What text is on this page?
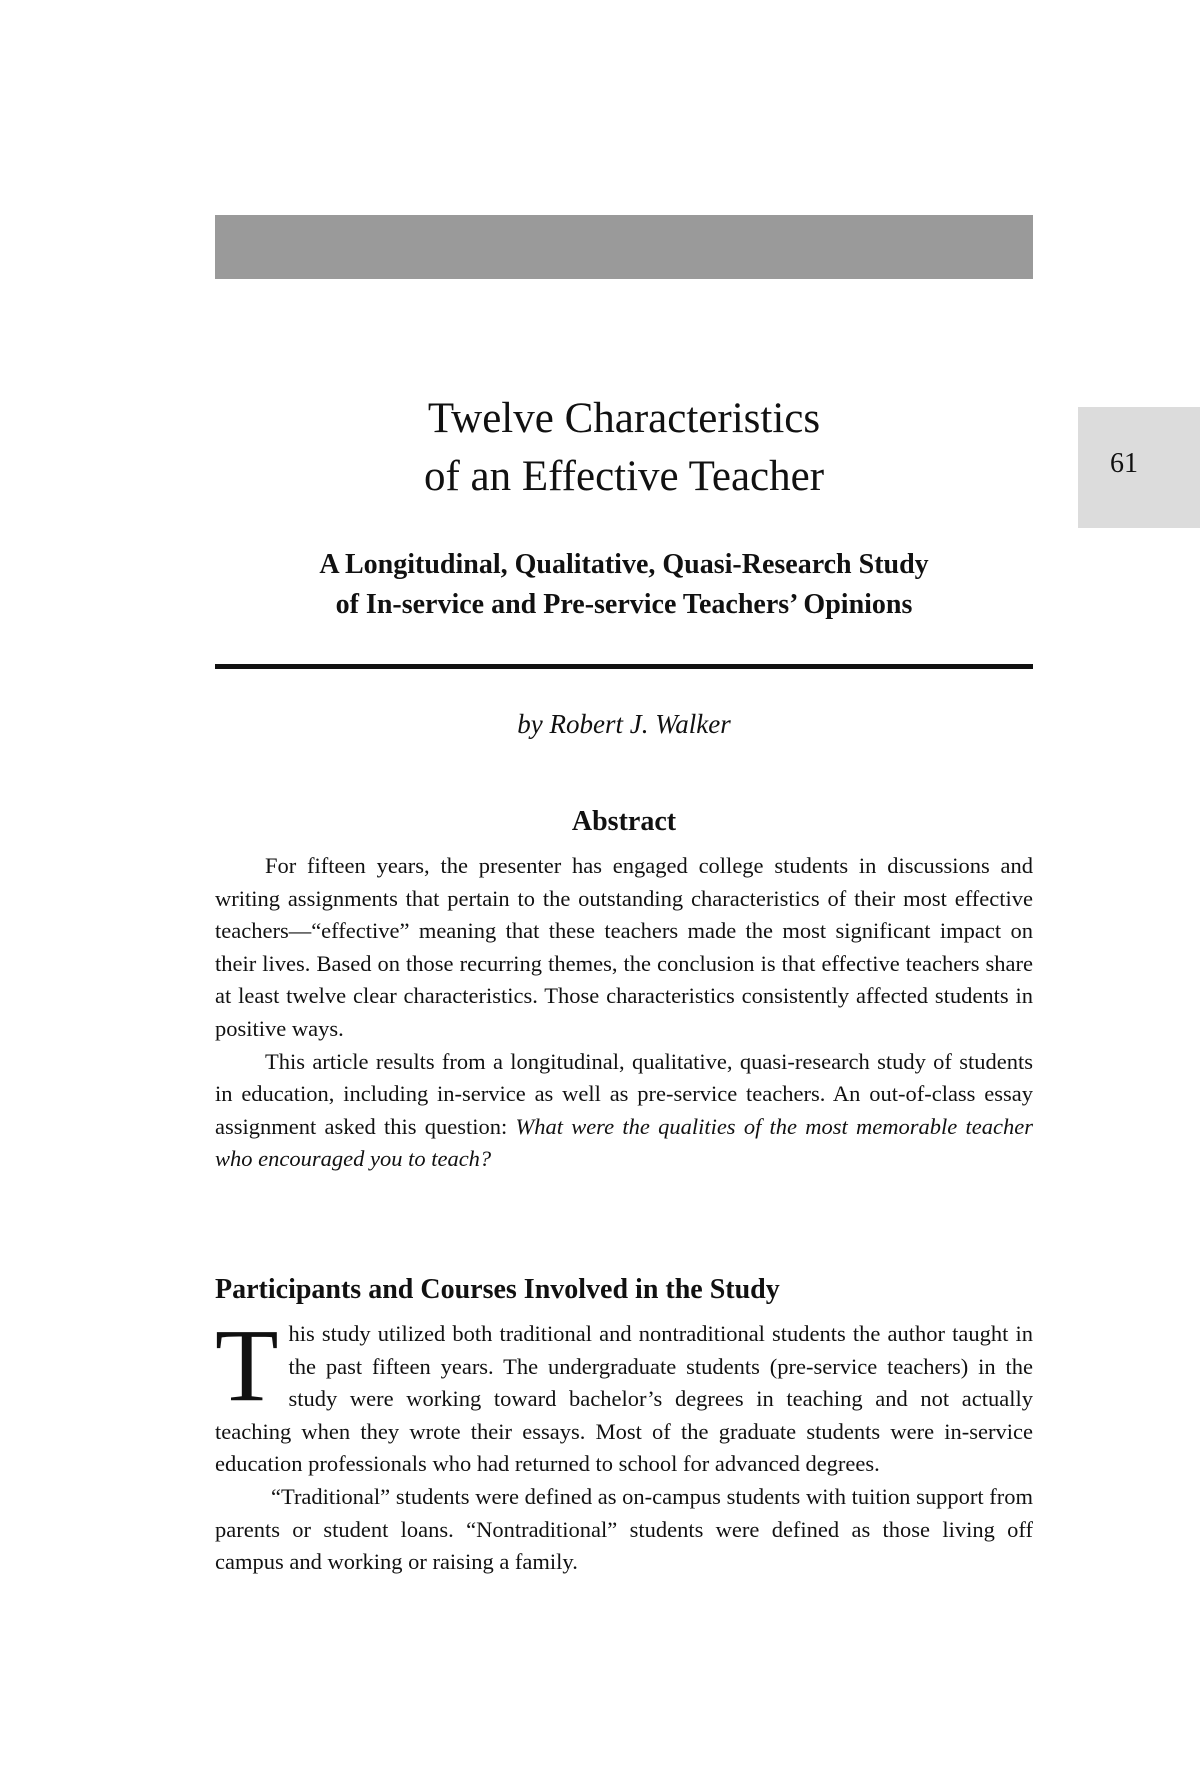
61
Twelve Characteristics
of an Effective Teacher
A Longitudinal, Qualitative, Quasi-Research Study
of In-service and Pre-service Teachers’ Opinions
by Robert J. Walker
Abstract

For fifteen years, the presenter has engaged college students in discussions and writing assignments that pertain to the outstanding characteristics of their most effective teachers—“effective” meaning that these teachers made the most significant impact on their lives. Based on those recurring themes, the conclusion is that effective teachers share at least twelve clear characteristics. Those characteristics consistently affected students in positive ways.

This article results from a longitudinal, qualitative, quasi-research study of students in education, including in-service as well as pre-service teachers. An out-of-class essay assignment asked this question: What were the qualities of the most memorable teacher who encouraged you to teach?

Participants and Courses Involved in the Study

This study utilized both traditional and nontraditional students the author taught in the past fifteen years. The undergraduate students (pre-service teachers) in the study were working toward bachelor’s degrees in teaching and not actually teaching when they wrote their essays. Most of the graduate students were in-service education professionals who had returned to school for advanced degrees.

“Traditional” students were defined as on-campus students with tuition support from parents or student loans. “Nontraditional” students were defined as those living off campus and working or raising a family.
